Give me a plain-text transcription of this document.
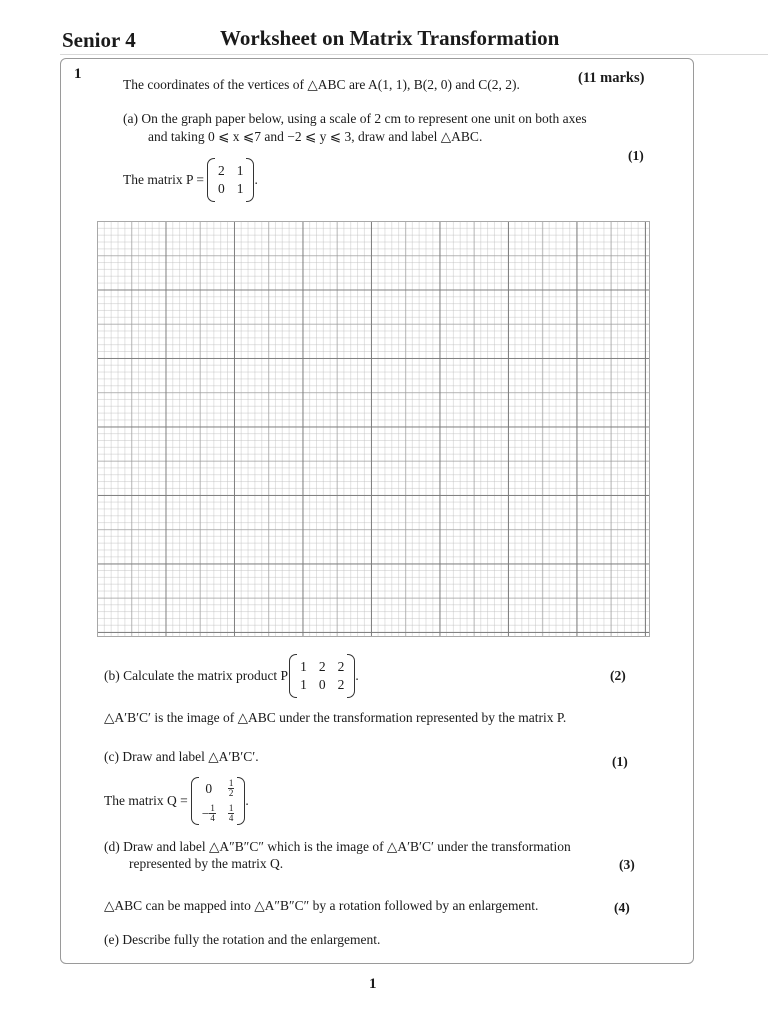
Senior 4	Worksheet on Matrix Transformation
1
The coordinates of the vertices of △ABC are A(1, 1), B(2, 0) and C(2, 2).	(11 marks)
(a) On the graph paper below, using a scale of 2 cm to represent one unit on both axes
and taking 0 ⩽ x ⩽7 and −2 ⩽ y ⩽ 3, draw and label △ABC.
(1)
The matrix P =
2 1
0 1
.
(b) Calculate the matrix product P
1 2 2
1 0 2
.	(2)
△A′B′C′ is the image of △ABC under the transformation represented by the matrix P.
(c) Draw and label △A′B′C′.	(1)
The matrix Q =
0	$\frac{1}{2}$
− $\frac{1}{4} \frac{1}{4}$
.
(d) Draw and label △A″B″C″ which is the image of △A′B′C′ under the transformation
represented by the matrix Q.	(3)
△ABC can be mapped into △A″B″C″ by a rotation followed by an enlargement.	(4)
(e) Describe fully the rotation and the enlargement.
1
